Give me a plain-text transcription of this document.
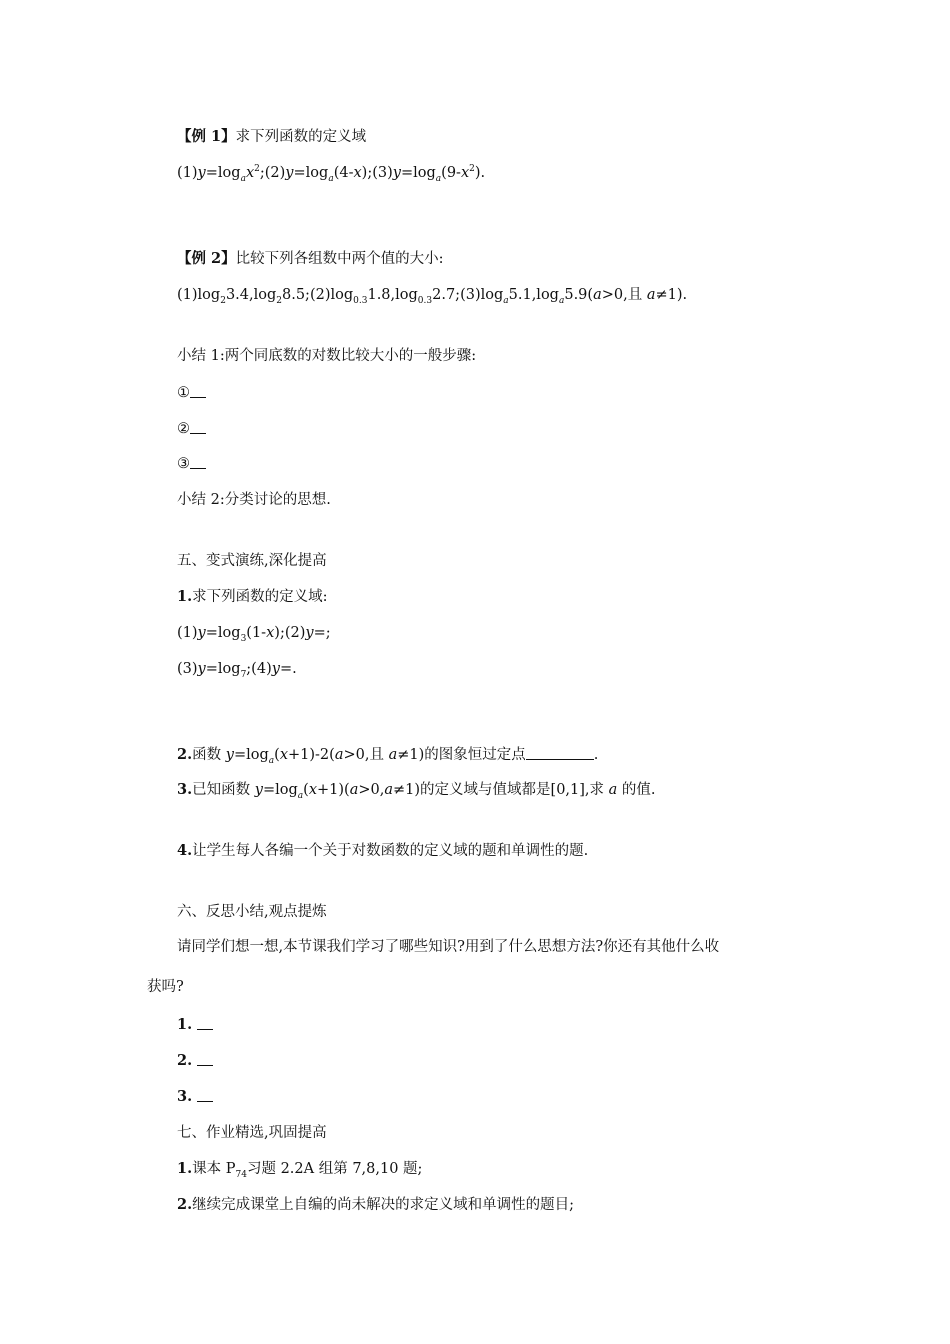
【例 1】求下列函数的定义域
$(1)y=\log_ax^2;(2)y=\log_a(4-x);(3)y=\log_a(9-x^2)$.
【例 2】比较下列各组数中两个值的大小:
$(1)\log_23.4,\log_28.5;(2)\log_{0.3}1.8,\log_{0.3}2.7;(3)\log_a5.1,\log_a5.9(a>0$,且 a≠1).
小结 1:两个同底数的对数比较大小的一般步骤:
①
②
③
小结 2:分类讨论的思想.
五、变式演练,深化提高
1.求下列函数的定义域:
$(1)y=\log_3(1-x);(2)y=$;
$(3)y=\log_7;(4)y=$.
2.函数 $y=\log_a(x+1)-2(a>0$,且 a≠1)的图象恒过定点	.
3.已知函数 $y=\log_a(x+1)(a>0,a\ne 1)$的定义域与值域都是[0,1],求 a 的值.
4.让学生每人各编一个关于对数函数的定义域的题和单调性的题.
六、反思小结,观点提炼
请同学们想一想,本节课我们学习了哪些知识?用到了什么思想方法?你还有其他什么收
获吗?
1.
2.
3.
七、作业精选,巩固提高
1.课本 $P_{74}$习题 2.2A 组第 7,8,10 题;
2.继续完成课堂上自编的尚未解决的求定义域和单调性的题目;
